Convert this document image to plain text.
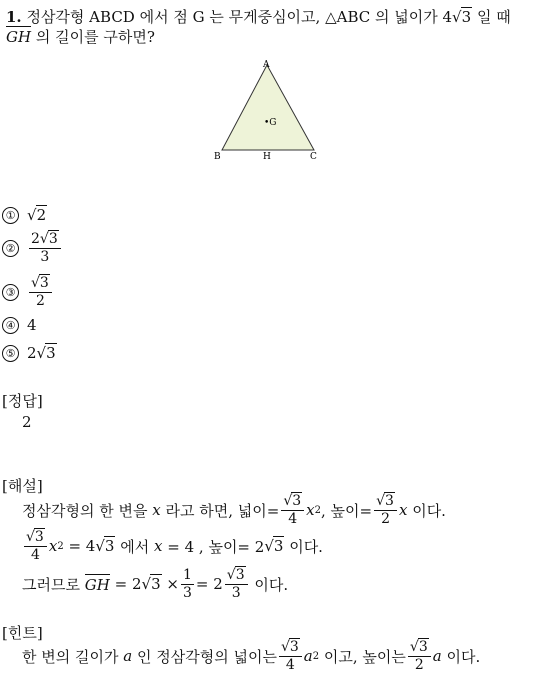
1. 정삼각형 ABCD 에서 점 G 는 무게중심이고, △ABC 의 넓이가 4√3 일 때
GH 의 길이를 구하면?
A
B	C
H
•G
① √2
② $\frac{2√3}{3}$
③ $\frac{√3}{2}$
④ 4
⑤ 2√3
[정답]
2
[해설]
정삼각형의 한 변을
x
라고 하면, 넓이= $\frac{√3}{4}$ x 2 , 높이= $\frac{√3}{2}$ x
이다.
$\frac{√3}{4}$ x 2
= 4 √3
에서
x
= 4 , 높이= 2 √3
이다.
그러므로
GH
= 2 √3
× $\frac{1}{3} = 2 \frac{√3}{3}$
이다.
[힌트]
한 변의 길이가
a
인 정삼각형의 넓이는 $\frac{√3}{4}$ a 2
이고, 높이는 $\frac{√3}{2}$ a
이다.
